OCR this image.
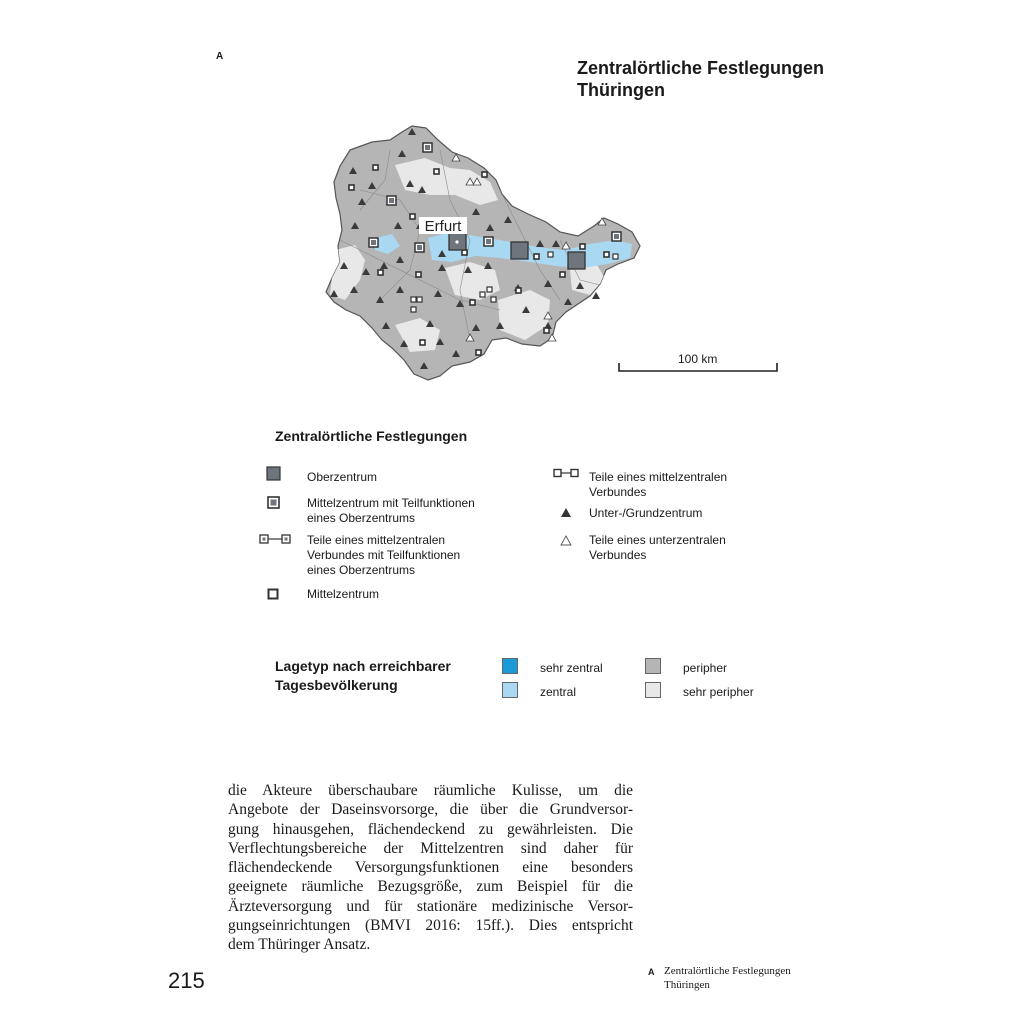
A
Zentralörtliche Festlegungen
Thüringen
Erfurt
100 km
Zentralörtliche Festlegungen
Oberzentrum
Mittelzentrum mit Teilfunktionen
eines Oberzentrums
Teile eines mittelzentralen
Verbundes mit Teilfunktionen
eines Oberzentrums
Mittelzentrum
Teile eines mittelzentralen
Verbundes
Unter-/Grundzentrum
Teile eines unterzentralen
Verbundes
Lagetyp nach erreichbarer
Tagesbevölkerung
sehr zentral
zentral
peripher
sehr peripher
die Akteure überschaubare räumliche Kulisse, um die
Angebote der Daseinsvorsorge, die über die Grundversor-
gung hinausgehen, flächendeckend zu gewährleisten. Die
Verflechtungsbereiche der Mittelzentren sind daher für
flächendeckende Versorgungsfunktionen eine besonders
geeignete räumliche Bezugsgröße, zum Beispiel für die
Ärzteversorgung und für stationäre medizinische Versor-
gungseinrichtungen (BMVI 2016: 15ff.). Dies entspricht
dem Thüringer Ansatz.
215	A Zentralörtliche Festlegungen
Thüringen
